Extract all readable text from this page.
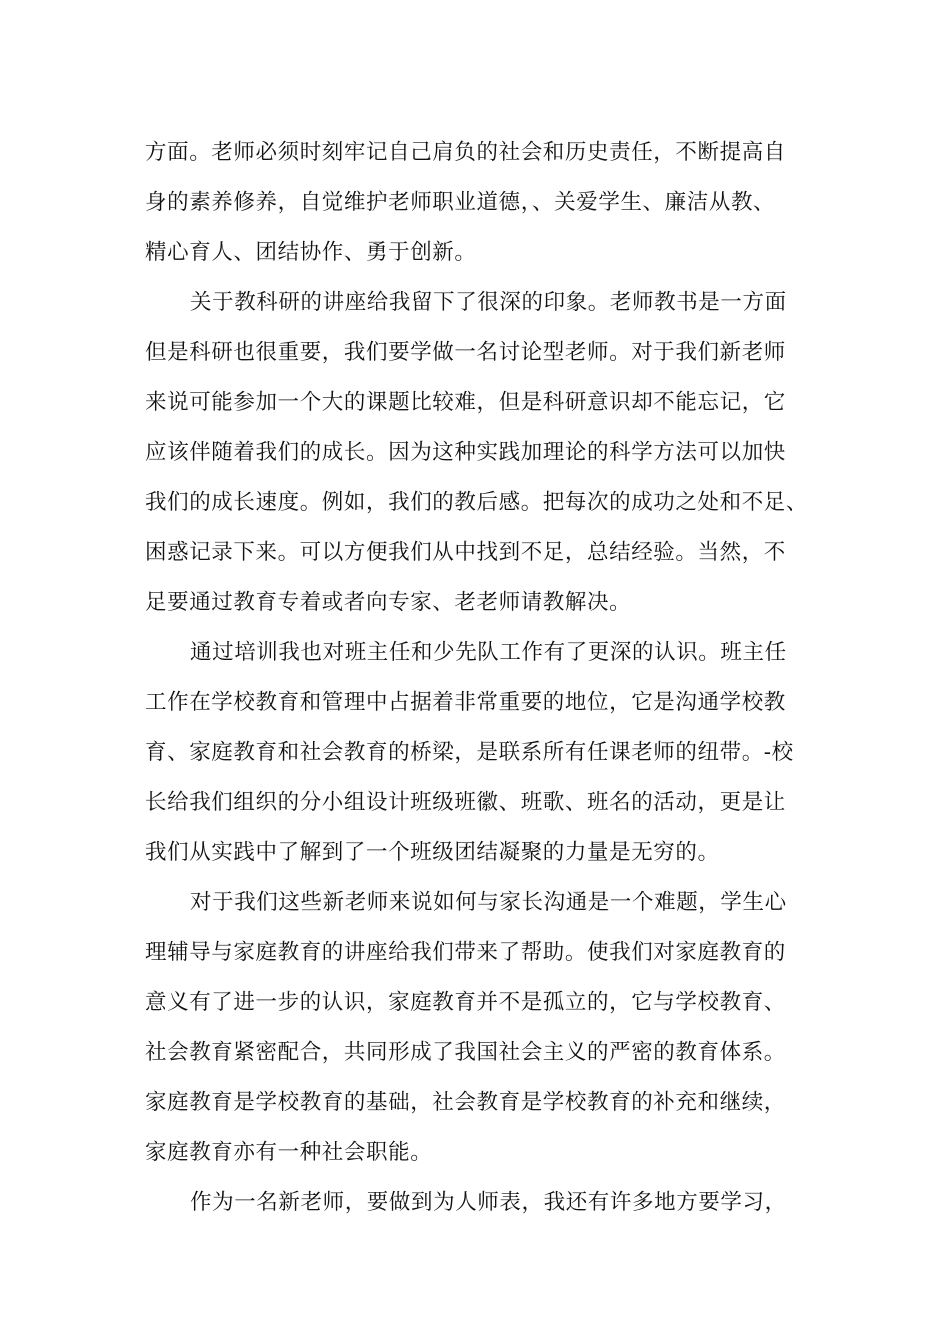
方面。老师必须时刻牢记自己肩负的社会和历史责任，不断提高自
身的素养修养，自觉维护老师职业道德，、关爱学生、廉洁从教、
精心育人、团结协作、勇于创新。
关于教科研的讲座给我留下了很深的印象。老师教书是一方面
但是科研也很重要，我们要学做一名讨论型老师。对于我们新老师
来说可能参加一个大的课题比较难，但是科研意识却不能忘记，它
应该伴随着我们的成长。因为这种实践加理论的科学方法可以加快
我们的成长速度。例如，我们的教后感。把每次的成功之处和不足、
困惑记录下来。可以方便我们从中找到不足，总结经验。当然，不
足要通过教育专着或者向专家、老老师请教解决。
通过培训我也对班主任和少先队工作有了更深的认识。班主任
工作在学校教育和管理中占据着非常重要的地位，它是沟通学校教
育、家庭教育和社会教育的桥梁，是联系所有任课老师的纽带。-校
长给我们组织的分小组设计班级班徽、班歌、班名的活动，更是让
我们从实践中了解到了一个班级团结凝聚的力量是无穷的。
对于我们这些新老师来说如何与家长沟通是一个难题，学生心
理辅导与家庭教育的讲座给我们带来了帮助。使我们对家庭教育的
意义有了进一步的认识，家庭教育并不是孤立的，它与学校教育、
社会教育紧密配合，共同形成了我国社会主义的严密的教育体系。
家庭教育是学校教育的基础，社会教育是学校教育的补充和继续，
家庭教育亦有一种社会职能。
作为一名新老师，要做到为人师表，我还有许多地方要学习，
